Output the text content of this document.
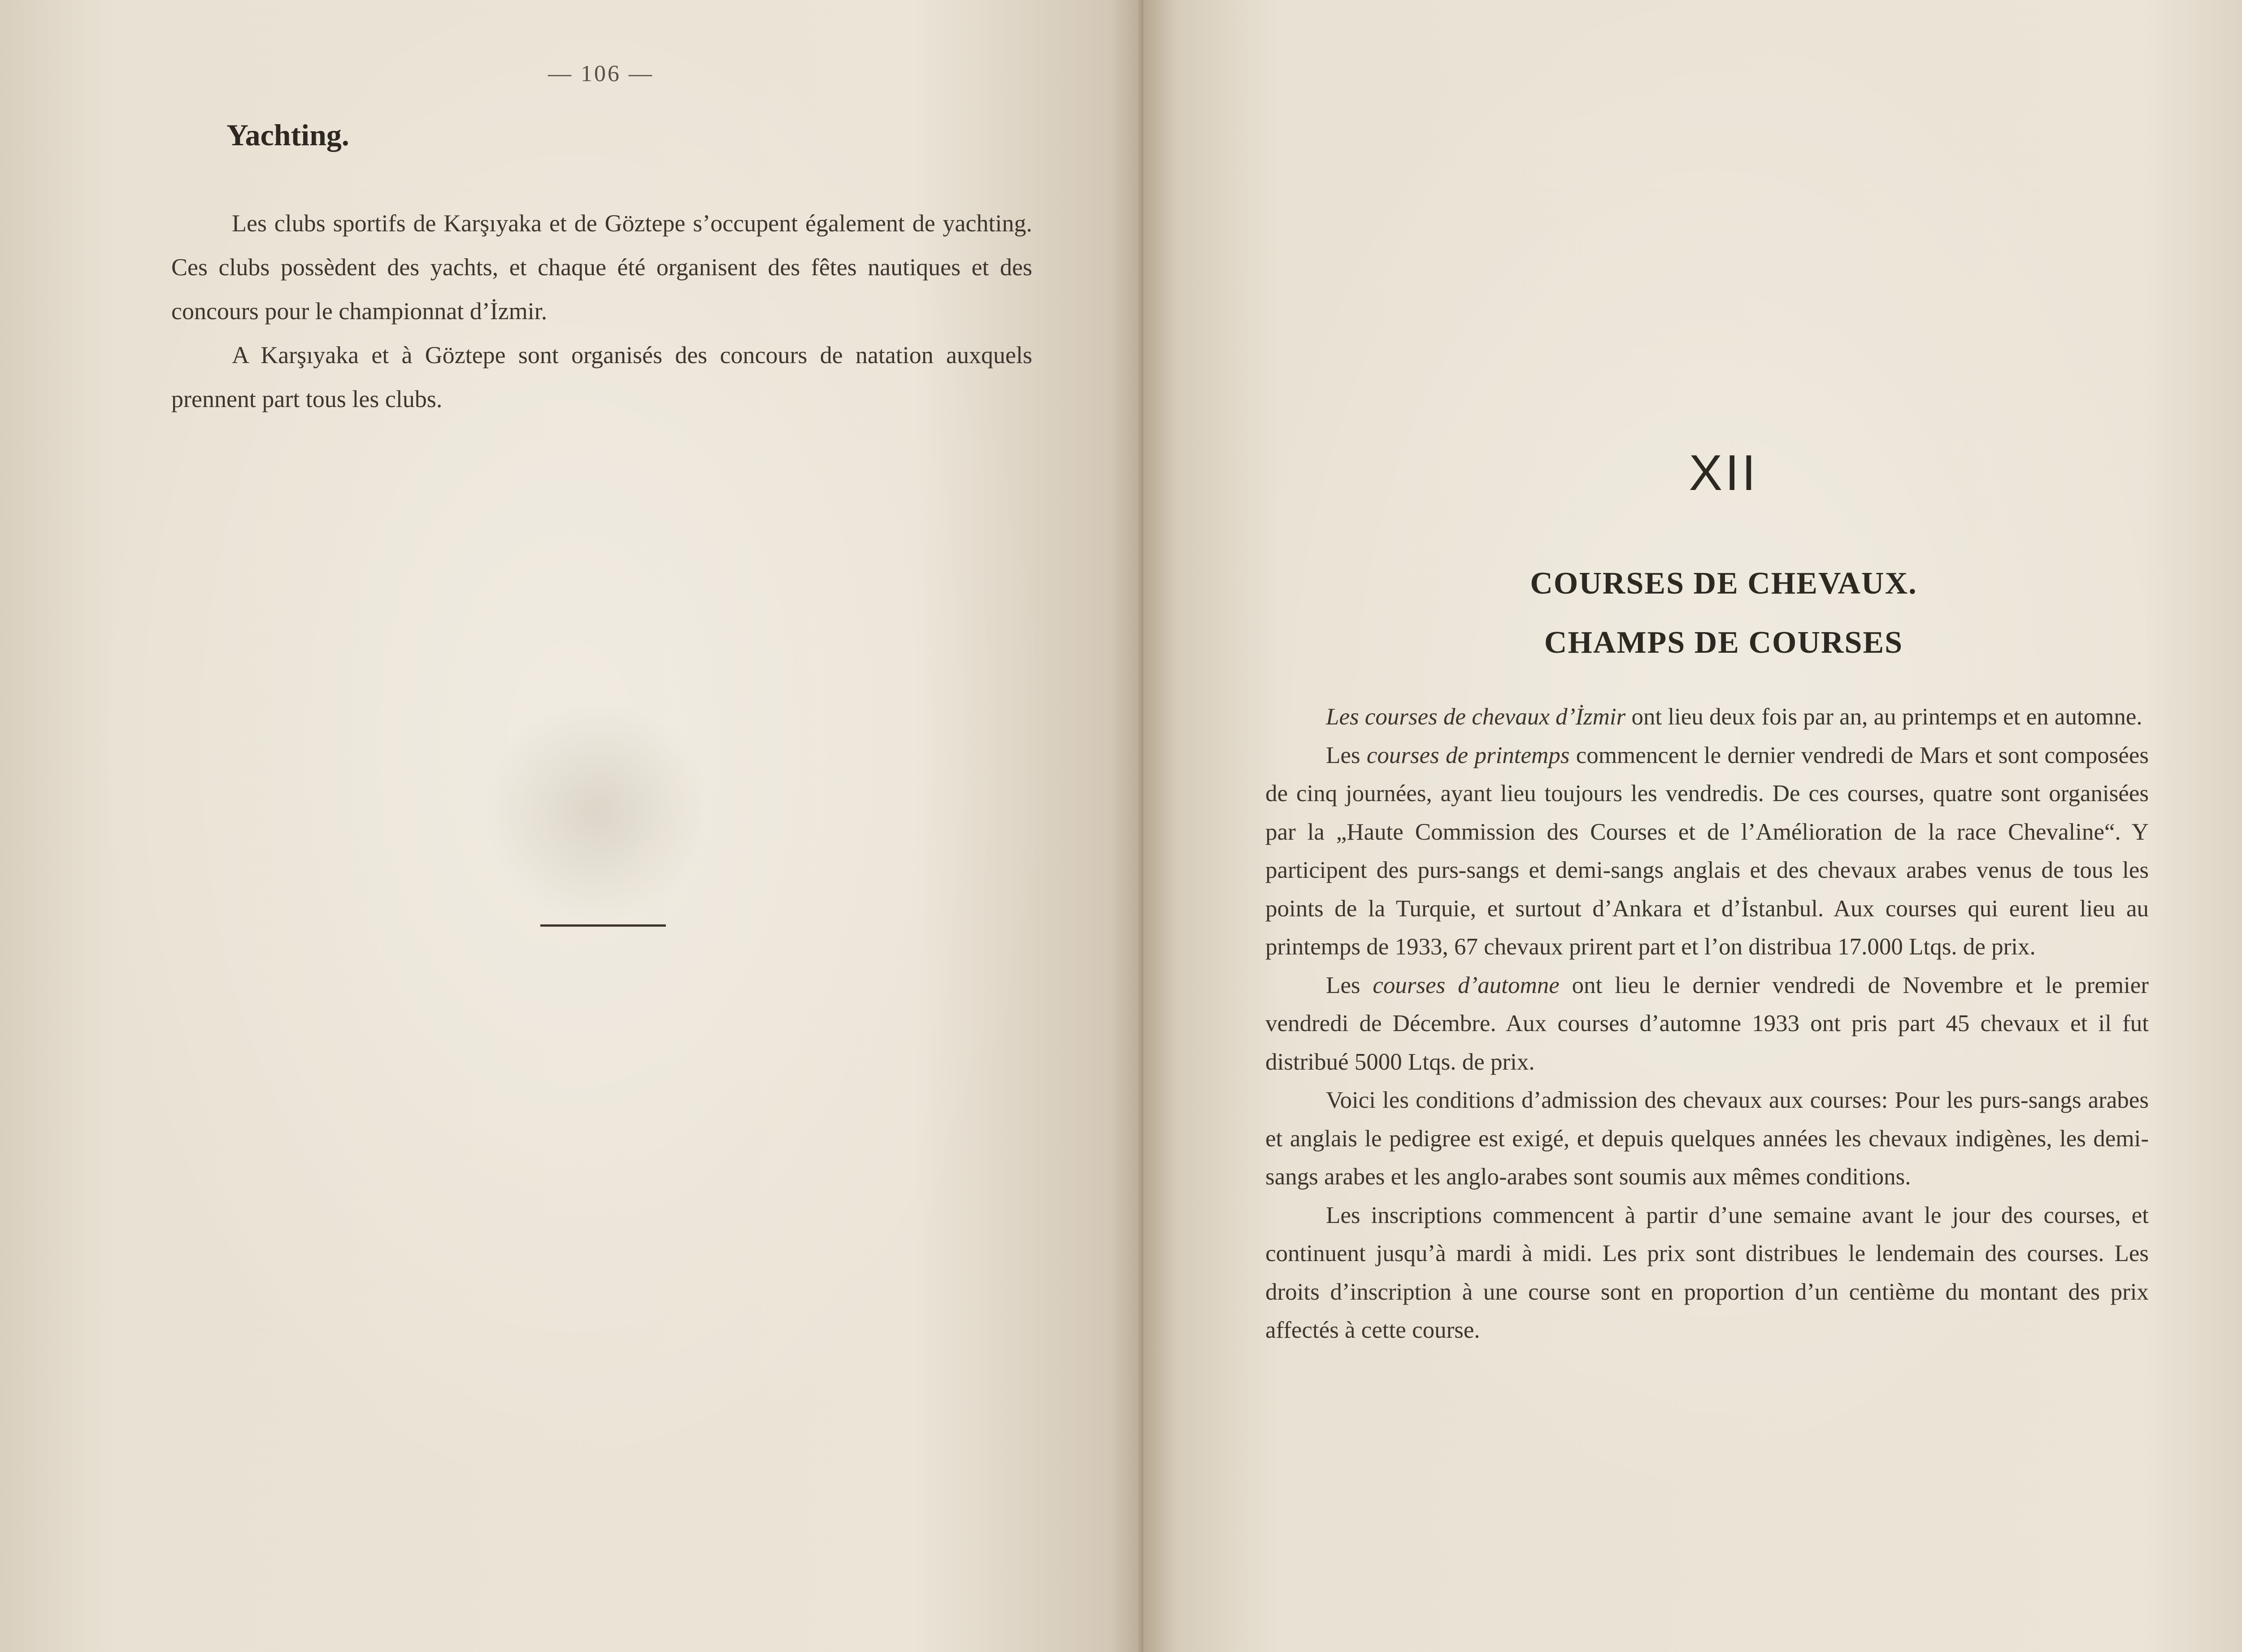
— 106 —
Yachting.

Les clubs sportifs de Karşıyaka et de Göztepe s’occupent également de yachting. Ces clubs possèdent des yachts, et chaque été organisent des fêtes nautiques et des concours pour le championnat d’İzmir.

A Karşıyaka et à Göztepe sont organisés des concours de natation auxquels prennent part tous les clubs.

XII
COURSES DE CHEVAUX.
CHAMPS DE COURSES

Les courses de chevaux d’İzmir ont lieu deux fois par an, au printemps et en automne.

Les courses de printemps commencent le dernier vendredi de Mars et sont composées de cinq journées, ayant lieu toujours les vendredis. De ces courses, quatre sont organisées par la „Haute Commission des Courses et de l’Amélioration de la race Chevaline“. Y participent des purs-sangs et demi-sangs anglais et des chevaux arabes venus de tous les points de la Turquie, et surtout d’Ankara et d’İstanbul. Aux courses qui eurent lieu au printemps de 1933, 67 chevaux prirent part et l’on distribua 17.000 Ltqs. de prix.

Les courses d’automne ont lieu le dernier vendredi de Novembre et le premier vendredi de Décembre. Aux courses d’automne 1933 ont pris part 45 chevaux et il fut distribué 5000 Ltqs. de prix.

Voici les conditions d’admission des chevaux aux courses: Pour les purs-sangs arabes et anglais le pedigree est exigé, et depuis quelques années les chevaux indigènes, les demi-sangs arabes et les anglo-arabes sont soumis aux mêmes conditions.

Les inscriptions commencent à partir d’une semaine avant le jour des courses, et continuent jusqu’à mardi à midi. Les prix sont distribues le lendemain des courses. Les droits d’inscription à une course sont en proportion d’un centième du montant des prix affectés à cette course.
